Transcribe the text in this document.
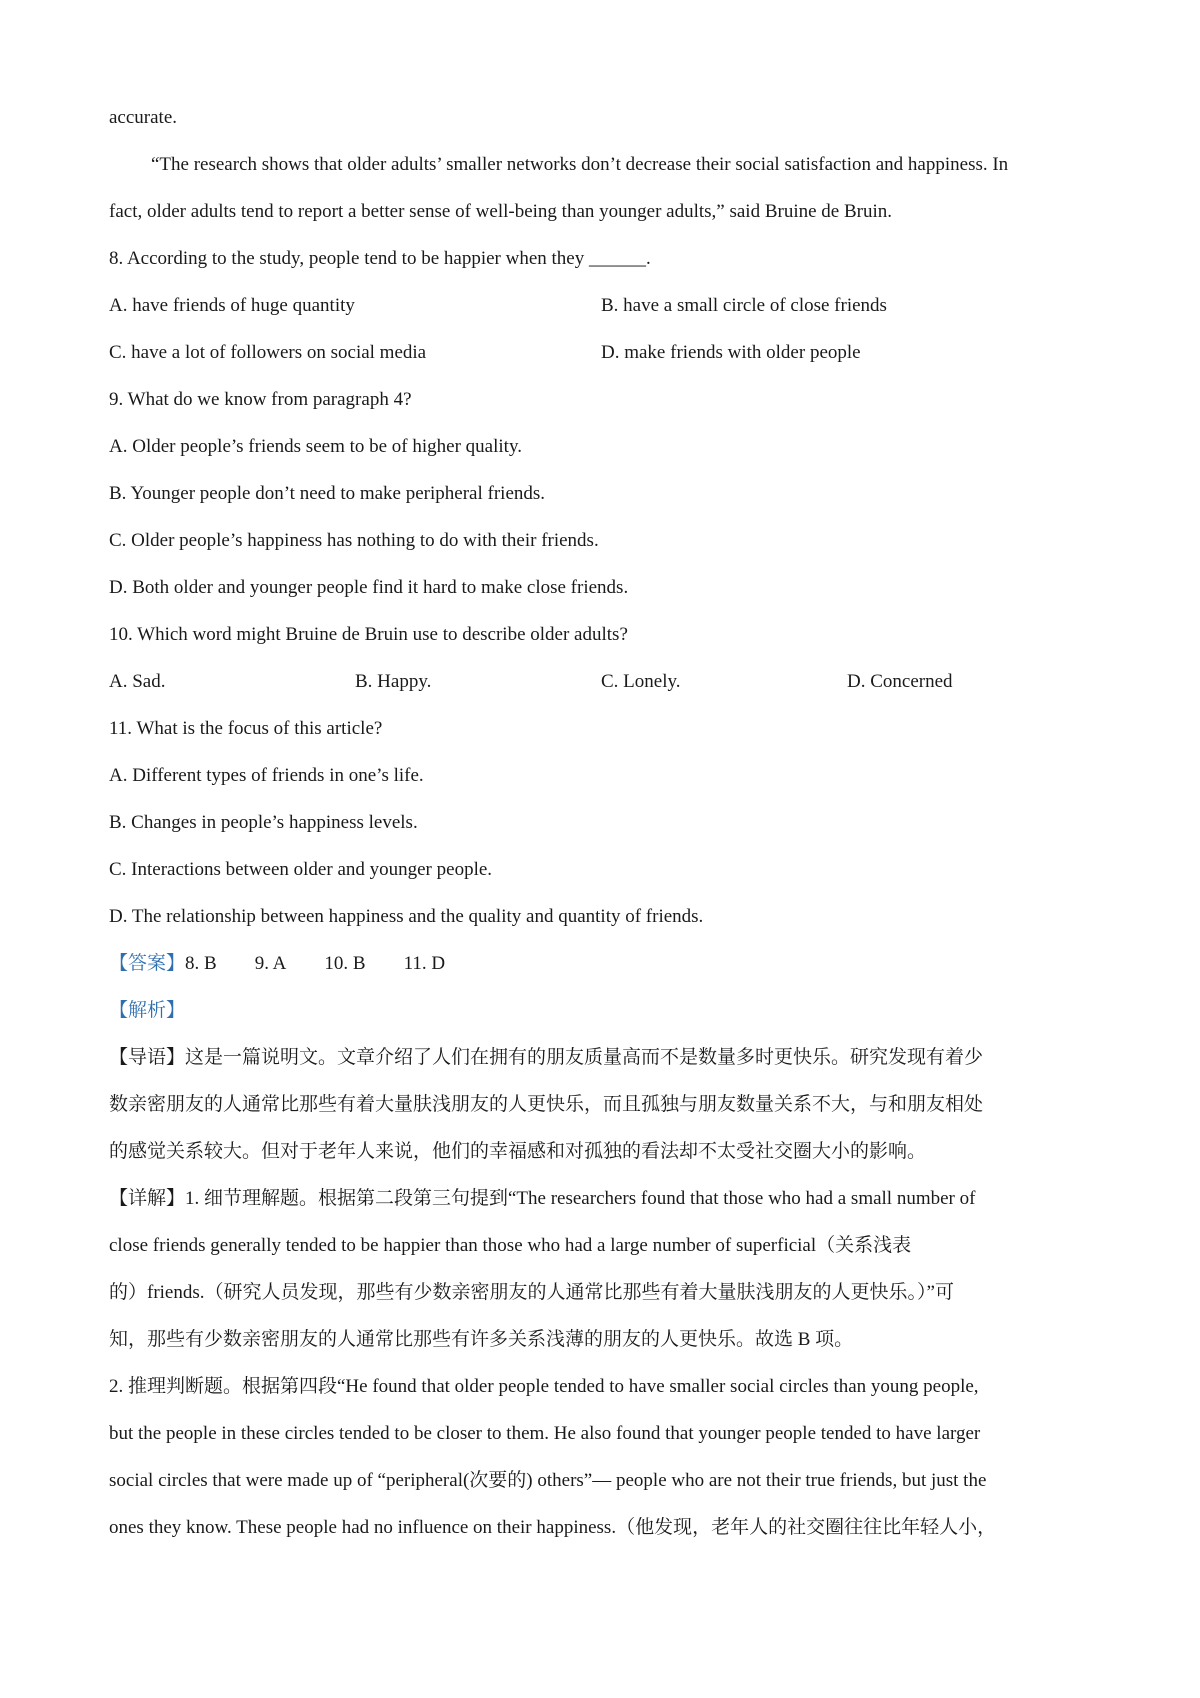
accurate.
“The research shows that older adults’ smaller networks don’t decrease their social satisfaction and happiness. In
fact, older adults tend to report a better sense of well-being than younger adults,” said Bruine de Bruin.
8. According to the study, people tend to be happier when they ______.
A. have friends of huge quantity	B. have a small circle of close friends
C. have a lot of followers on social media	D. make friends with older people
9. What do we know from paragraph 4?
A. Older people’s friends seem to be of higher quality.
B. Younger people don’t need to make peripheral friends.
C. Older people’s happiness has nothing to do with their friends.
D. Both older and younger people find it hard to make close friends.
10. Which word might Bruine de Bruin use to describe older adults?
A. Sad.	B. Happy.	C. Lonely.	D. Concerned
11. What is the focus of this article?
A. Different types of friends in one’s life.
B. Changes in people’s happiness levels.
C. Interactions between older and younger people.
D. The relationship between happiness and the quality and quantity of friends.
【答案】8. B 9. A 10. B 11. D
【解析】
【导语】这是一篇说明文。文章介绍了人们在拥有的朋友质量高而不是数量多时更快乐。研究发现有着少
数亲密朋友的人通常比那些有着大量肤浅朋友的人更快乐，而且孤独与朋友数量关系不大，与和朋友相处
的感觉关系较大。但对于老年人来说，他们的幸福感和对孤独的看法却不太受社交圈大小的影响。
【详解】1. 细节理解题。根据第二段第三句提到“The researchers found that those who had a small number of
close friends generally tended to be happier than those who had a large number of superficial（关系浅表
的）friends.（研究人员发现，那些有少数亲密朋友的人通常比那些有着大量肤浅朋友的人更快乐。）”可
知，那些有少数亲密朋友的人通常比那些有许多关系浅薄的朋友的人更快乐。故选 B 项。
2. 推理判断题。根据第四段“He found that older people tended to have smaller social circles than young people,
but the people in these circles tended to be closer to them. He also found that younger people tended to have larger
social circles that were made up of “peripheral(次要的) others”— people who are not their true friends, but just the
ones they know. These people had no influence on their happiness.（他发现，老年人的社交圈往往比年轻人小，
